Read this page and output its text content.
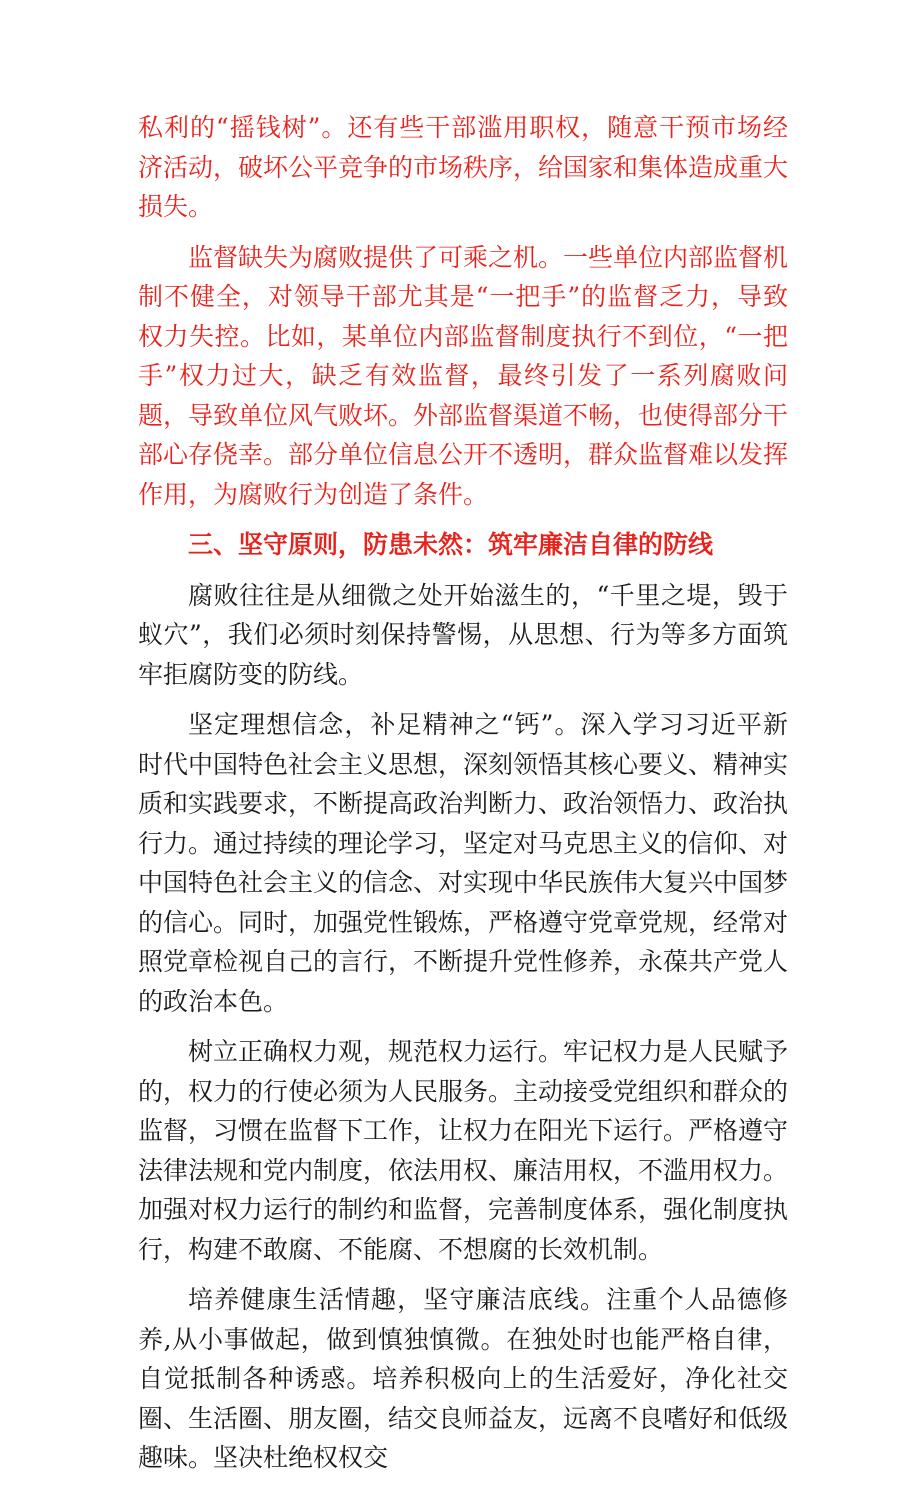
私利的“摇钱树”。还有些干部滥用职权，随意干预市场经济活动，破坏公平竞争的市场秩序，给国家和集体造成重大损失。

监督缺失为腐败提供了可乘之机。一些单位内部监督机制不健全，对领导干部尤其是“一把手”的监督乏力，导致权力失控。比如，某单位内部监督制度执行不到位，“一把手”权力过大，缺乏有效监督，最终引发了一系列腐败问题，导致单位风气败坏。外部监督渠道不畅，也使得部分干部心存侥幸。部分单位信息公开不透明，群众监督难以发挥作用，为腐败行为创造了条件。

三、坚守原则，防患未然：筑牢廉洁自律的防线

腐败往往是从细微之处开始滋生的，“千里之堤，毁于蚁穴”，我们必须时刻保持警惕，从思想、行为等多方面筑牢拒腐防变的防线。

坚定理想信念，补足精神之“钙”。深入学习习近平新时代中国特色社会主义思想，深刻领悟其核心要义、精神实质和实践要求，不断提高政治判断力、政治领悟力、政治执行力。通过持续的理论学习，坚定对马克思主义的信仰、对中国特色社会主义的信念、对实现中华民族伟大复兴中国梦的信心。同时，加强党性锻炼，严格遵守党章党规，经常对照党章检视自己的言行，不断提升党性修养，永葆共产党人的政治本色。

树立正确权力观，规范权力运行。牢记权力是人民赋予的，权力的行使必须为人民服务。主动接受党组织和群众的监督，习惯在监督下工作，让权力在阳光下运行。严格遵守法律法规和党内制度，依法用权、廉洁用权，不滥用权力。加强对权力运行的制约和监督，完善制度体系，强化制度执行，构建不敢腐、不能腐、不想腐的长效机制。

培养健康生活情趣，坚守廉洁底线。注重个人品德修养,从小事做起，做到慎独慎微。在独处时也能严格自律，自觉抵制各种诱惑。培养积极向上的生活爱好，净化社交圈、生活圈、朋友圈，结交良师益友，远离不良嗜好和低级趣味。坚决杜绝权权交
